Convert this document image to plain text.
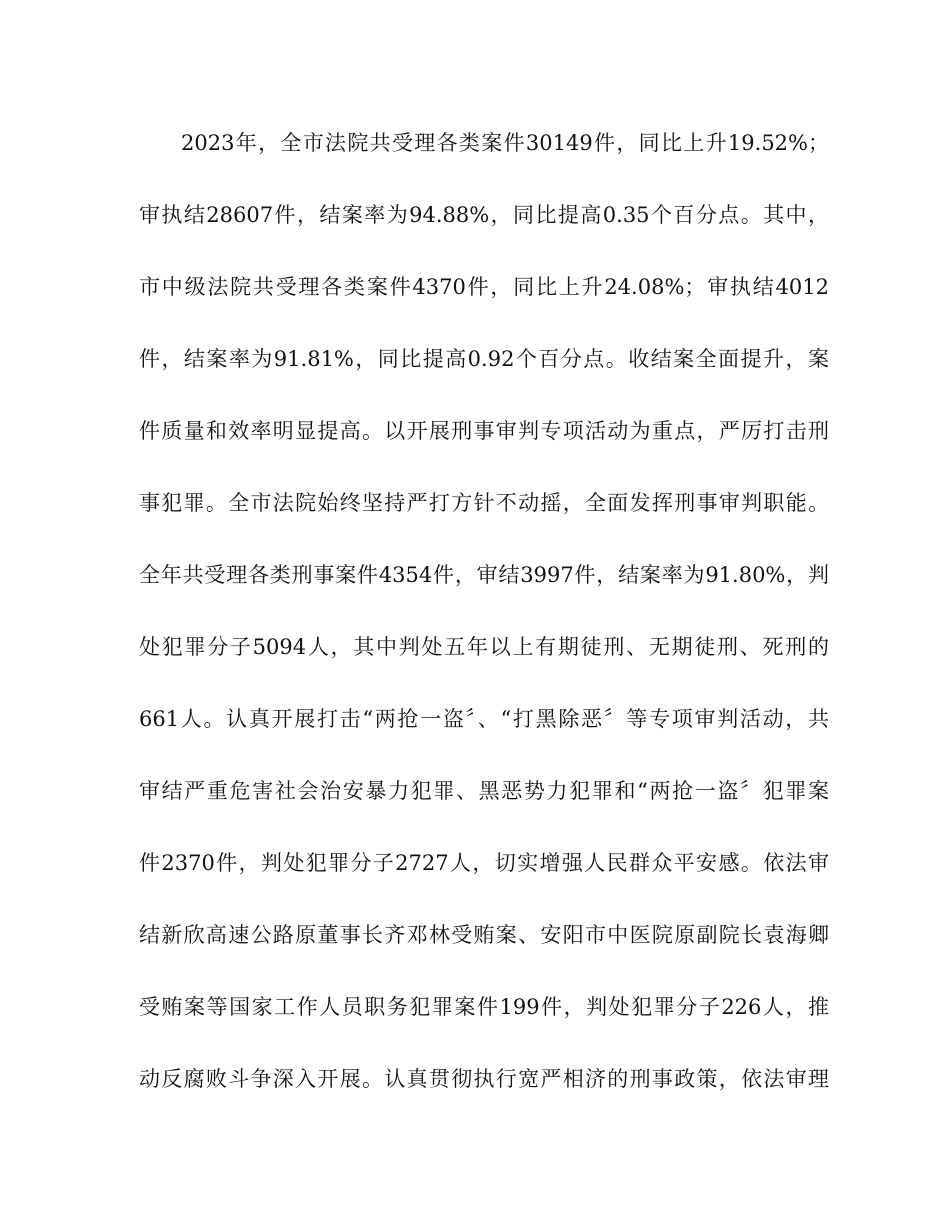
2023年，全市法院共受理各类案件30149件，同比上升19.52%；
审执结28607件，结案率为94.88%，同比提高0.35个百分点。其中，
市中级法院共受理各类案件4370件，同比上升24.08%；审执结4012
件，结案率为91.81%，同比提高0.92个百分点。收结案全面提升，案
件质量和效率明显提高。以开展刑事审判专项活动为重点，严厉打击刑
事犯罪。全市法院始终坚持严打方针不动摇，全面发挥刑事审判职能。
全年共受理各类刑事案件4354件，审结3997件，结案率为91.80%，判
处犯罪分子5094人，其中判处五年以上有期徒刑、无期徒刑、死刑的
661人。认真开展打击“两抢一盗〞、“打黑除恶〞等专项审判活动，共
审结严重危害社会治安暴力犯罪、黑恶势力犯罪和“两抢一盗〞犯罪案
件2370件，判处犯罪分子2727人，切实增强人民群众平安感。依法审
结新欣高速公路原董事长齐邓林受贿案、安阳市中医院原副院长袁海卿
受贿案等国家工作人员职务犯罪案件199件，判处犯罪分子226人，推
动反腐败斗争深入开展。认真贯彻执行宽严相济的刑事政策，依法审理
